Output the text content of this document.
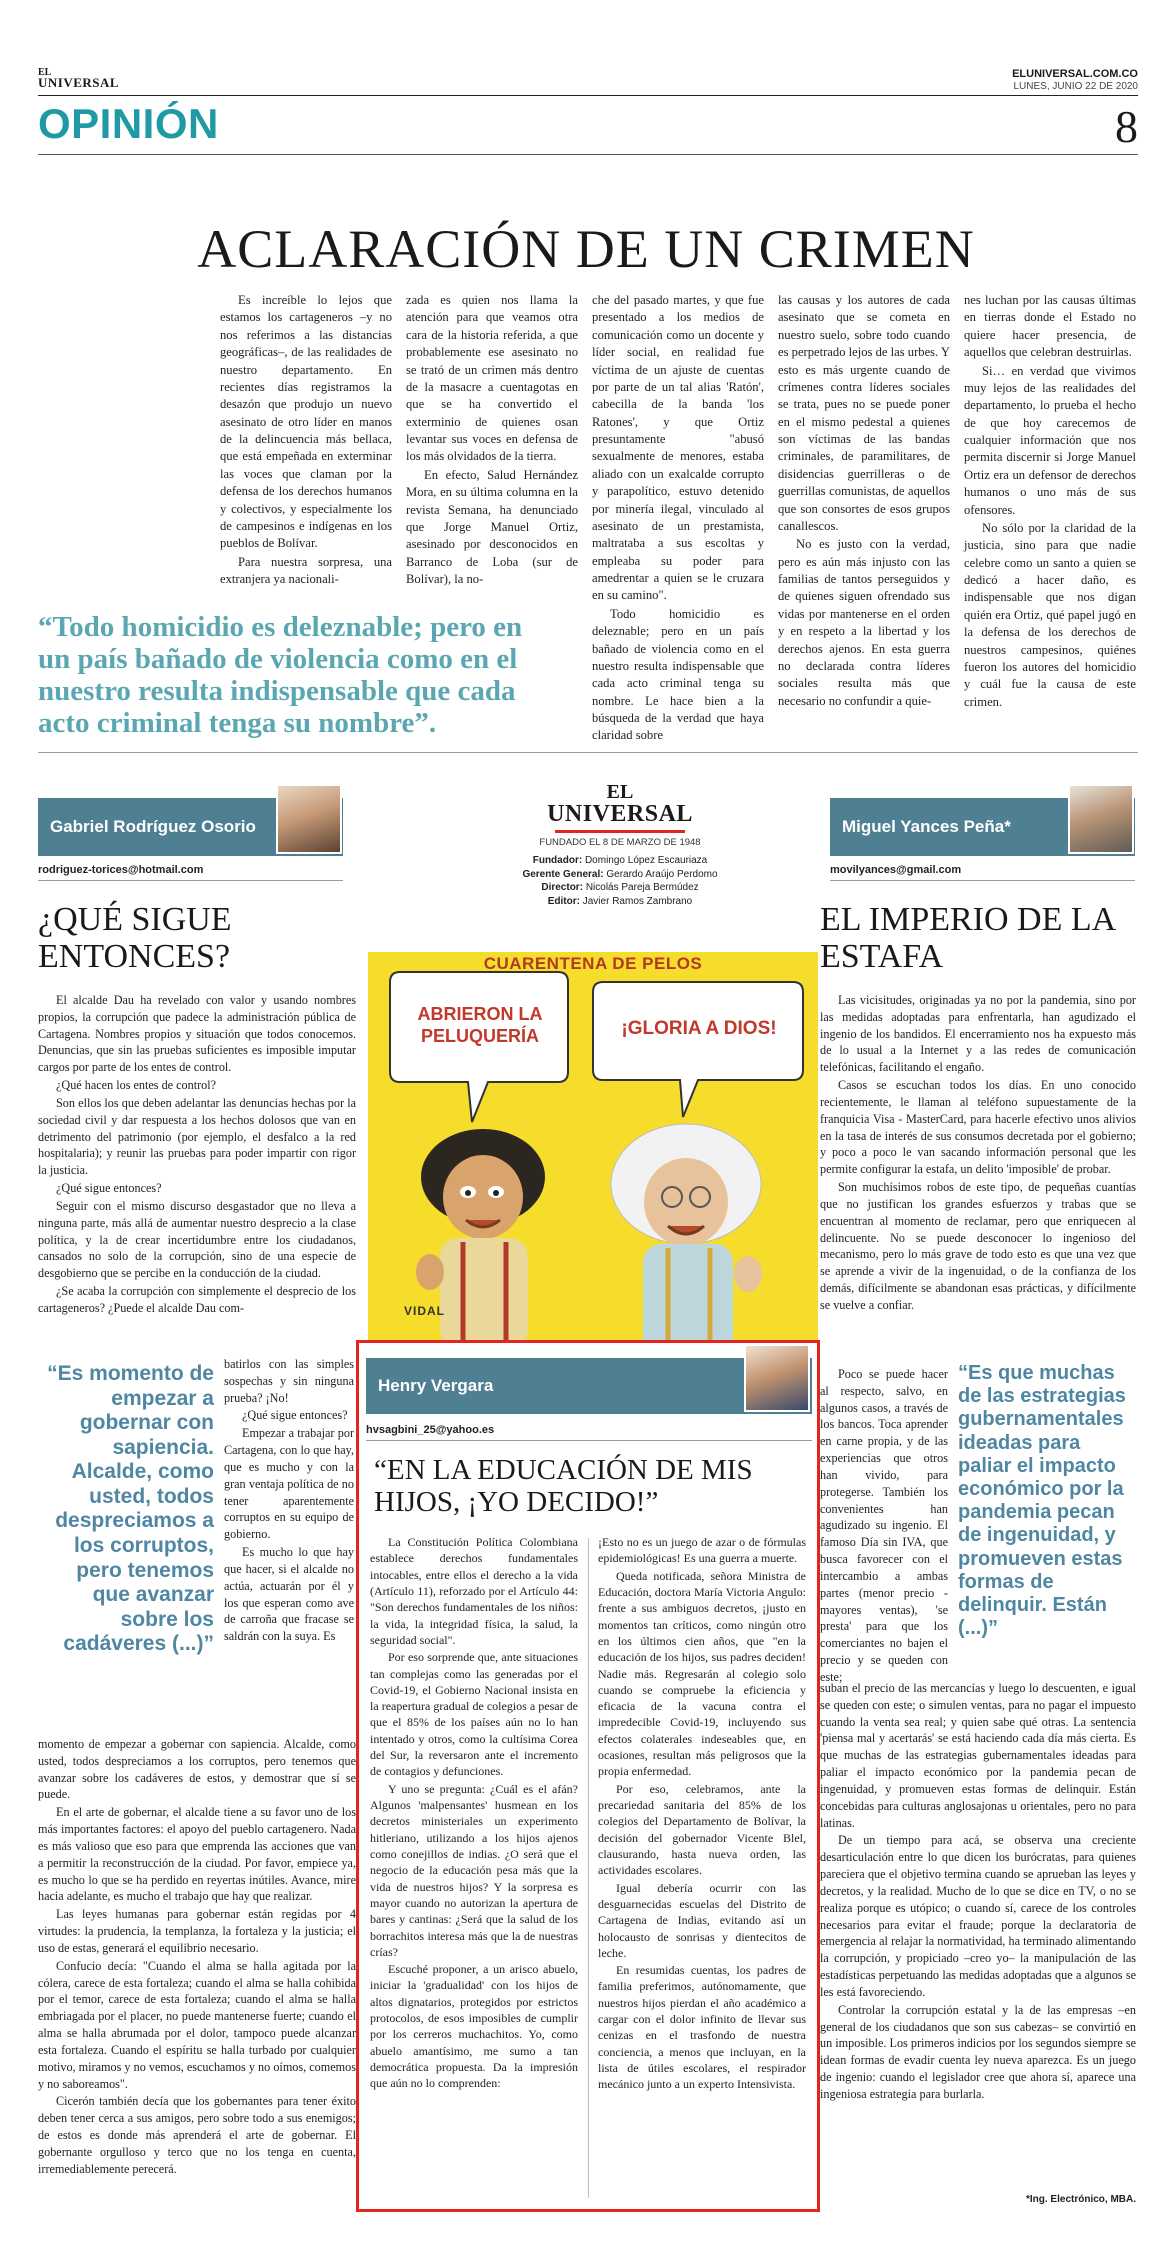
EL
UNIVERSAL
ELUNIVERSAL.COM.CO
LUNES, JUNIO 22 DE 2020
OPINIÓN	8
ACLARACIÓN DE UN CRIMEN

Es increíble lo lejos que estamos los cartageneros –y no nos referimos a las distancias geográficas–, de las realidades de nuestro departamento. En recientes días registramos la desazón que produjo un nuevo asesinato de otro líder en manos de la delincuencia más bellaca, que está empeñada en exterminar las voces que claman por la defensa de los derechos humanos y colectivos, y especialmente los de campesinos e indígenas en los pueblos de Bolívar.

Para nuestra sorpresa, una extranjera ya nacionali-

zada es quien nos llama la atención para que veamos otra cara de la historia referida, a que probablemente ese asesinato no se trató de un crimen más dentro de la masacre a cuentagotas en que se ha convertido el exterminio de quienes osan levantar sus voces en defensa de los más olvidados de la tierra.

En efecto, Salud Hernández Mora, en su última columna en la revista Semana, ha denunciado que Jorge Manuel Ortiz, asesinado por desconocidos en Barranco de Loba (sur de Bolívar), la no-

che del pasado martes, y que fue presentado a los medios de comunicación como un docente y líder social, en realidad fue víctima de un ajuste de cuentas por parte de un tal alias 'Ratón', cabecilla de la banda 'los Ratones', y que Ortiz presuntamente "abusó sexualmente de menores, estaba aliado con un exalcalde corrupto y parapolítico, estuvo detenido por minería ilegal, vinculado al asesinato de un prestamista, maltrataba a sus escoltas y empleaba su poder para amedrentar a quien se le cruzara en su camino".

Todo homicidio es deleznable; pero en un país bañado de violencia como en el nuestro resulta indispensable que cada acto criminal tenga su nombre. Le hace bien a la búsqueda de la verdad que haya claridad sobre

las causas y los autores de cada asesinato que se cometa en nuestro suelo, sobre todo cuando es perpetrado lejos de las urbes. Y esto es más urgente cuando de crímenes contra líderes sociales se trata, pues no se puede poner en el mismo pedestal a quienes son víctimas de las bandas criminales, de paramilitares, de disidencias guerrilleras o de guerrillas comunistas, de aquellos que son consortes de esos grupos canallescos.

No es justo con la verdad, pero es aún más injusto con las familias de tantos perseguidos y de quienes siguen ofrendado sus vidas por mantenerse en el orden y en respeto a la libertad y los derechos ajenos. En esta guerra no declarada contra líderes sociales resulta más que necesario no confundir a quie-

nes luchan por las causas últimas en tierras donde el Estado no quiere hacer presencia, de aquellos que celebran destruirlas.

Si… en verdad que vivimos muy lejos de las realidades del departamento, lo prueba el hecho de que hoy carecemos de cualquier información que nos permita discernir si Jorge Manuel Ortiz era un defensor de derechos humanos o uno más de sus ofensores.

No sólo por la claridad de la justicia, sino para que nadie celebre como un santo a quien se dedicó a hacer daño, es indispensable que nos digan quién era Ortiz, qué papel jugó en la defensa de los derechos de nuestros campesinos, quiénes fueron los autores del homicidio y cuál fue la causa de este crimen.

“Todo homicidio es deleznable; pero en un país bañado de violencia como en el nuestro resulta indispensable que cada acto criminal tenga su nombre”.
Gabriel Rodríguez Osorio
rodriguez-torices@hotmail.com
¿QUÉ SIGUE ENTONCES?

El alcalde Dau ha revelado con valor y usando nombres propios, la corrupción que padece la administración pública de Cartagena. Nombres propios y situación que todos conocemos. Denuncias, que sin las pruebas suficientes es imposible imputar cargos por parte de los entes de control.

¿Qué hacen los entes de control?

Son ellos los que deben adelantar las denuncias hechas por la sociedad civil y dar respuesta a los hechos dolosos que van en detrimento del patrimonio (por ejemplo, el desfalco a la red hospitalaria); y reunir las pruebas para poder impartir con rigor la justicia.

¿Qué sigue entonces?

Seguir con el mismo discurso desgastador que no lleva a ninguna parte, más allá de aumentar nuestro desprecio a la clase política, y la de crear incertidumbre entre los ciudadanos, cansados no solo de la corrupción, sino de una especie de desgobierno que se percibe en la conducción de la ciudad.

¿Se acaba la corrupción con simplemente el desprecio de los cartageneros? ¿Puede el alcalde Dau com-

“Es momento de empezar a gobernar con sapiencia. Alcalde, como usted, todos despreciamos a los corruptos, pero tenemos que avanzar sobre los cadáveres (...)”

batirlos con las simples sospechas y sin ninguna prueba? ¡No!

¿Qué sigue entonces?

Empezar a trabajar por Cartagena, con lo que hay, que es mucho y con la gran ventaja política de no tener aparentemente corruptos en su equipo de gobierno.

Es mucho lo que hay que hacer, si el alcalde no actúa, actuarán por él y los que esperan como ave de carroña que fracase se saldrán con la suya. Es

momento de empezar a gobernar con sapiencia. Alcalde, como usted, todos despreciamos a los corruptos, pero tenemos que avanzar sobre los cadáveres de estos, y demostrar que sí se puede.

En el arte de gobernar, el alcalde tiene a su favor uno de los más importantes factores: el apoyo del pueblo cartagenero. Nada es más valioso que eso para que emprenda las acciones que van a permitir la reconstrucción de la ciudad. Por favor, empiece ya, es mucho lo que se ha perdido en reyertas inútiles. Avance, mire hacia adelante, es mucho el trabajo que hay que realizar.

Las leyes humanas para gobernar están regidas por 4 virtudes: la prudencia, la templanza, la fortaleza y la justicia; el uso de estas, generará el equilibrio necesario.

Confucio decía: "Cuando el alma se halla agitada por la cólera, carece de esta fortaleza; cuando el alma se halla cohibida por el temor, carece de esta fortaleza; cuando el alma se halla embriagada por el placer, no puede mantenerse fuerte; cuando el alma se halla abrumada por el dolor, tampoco puede alcanzar esta fortaleza. Cuando el espíritu se halla turbado por cualquier motivo, miramos y no vemos, escuchamos y no oímos, comemos y no saboreamos".

Cicerón también decía que los gobernantes para tener éxito deben tener cerca a sus amigos, pero sobre todo a sus enemigos; de estos es donde más aprenderá el arte de gobernar. El gobernante orgulloso y terco que no los tenga en cuenta, irremediablemente perecerá.

EL
UNIVERSAL
FUNDADO EL 8 DE MARZO DE 1948
Fundador: Domingo López Escauriaza
Gerente General: Gerardo Araújo Perdomo
Director: Nicolás Pareja Bermúdez
Editor: Javier Ramos Zambrano
CUARENTENA DE PELOS
ABRIERON LA PELUQUERÍA	¡GLORIA A DIOS!
VIDAL
Miguel Yances Peña*
movilyances@gmail.com
EL IMPERIO DE LA ESTAFA

Las vicisitudes, originadas ya no por la pandemia, sino por las medidas adoptadas para enfrentarla, han agudizado el ingenio de los bandidos. El encerramiento nos ha expuesto más de lo usual a la Internet y a las redes de comunicación telefónicas, facilitando el engaño.

Casos se escuchan todos los días. En uno conocido recientemente, le llaman al teléfono supuestamente de la franquicia Visa - MasterCard, para hacerle efectivo unos alivios en la tasa de interés de sus consumos decretada por el gobierno; y poco a poco le van sacando información personal que les permite configurar la estafa, un delito 'imposible' de probar.

Son muchísimos robos de este tipo, de pequeñas cuantías que no justifican los grandes esfuerzos y trabas que se encuentran al momento de reclamar, pero que enriquecen al delincuente. No se puede desconocer lo ingenioso del mecanismo, pero lo más grave de todo esto es que una vez que se aprende a vivir de la ingenuidad, o de la confianza de los demás, difícilmente se abandonan esas prácticas, y difícilmente se vuelve a confiar.

Poco se puede hacer al respecto, salvo, en algunos casos, a través de los bancos. Toca aprender en carne propia, y de las experiencias que otros han vivido, para protegerse. También los convenientes han agudizado su ingenio. El famoso Día sin IVA, que busca favorecer con el intercambio a ambas partes (menor precio - mayores ventas), 'se presta' para que los comerciantes no bajen el precio y se queden con este;

“Es que muchas de las estrategias gubernamentales ideadas para paliar el impacto económico por la pandemia pecan de ingenuidad, y promueven estas formas de delinquir. Están (...)”

suban el precio de las mercancías y luego lo descuenten, e igual se queden con este; o simulen ventas, para no pagar el impuesto cuando la venta sea real; y quien sabe qué otras. La sentencia 'piensa mal y acertarás' se está haciendo cada día más cierta. Es que muchas de las estrategias gubernamentales ideadas para paliar el impacto económico por la pandemia pecan de ingenuidad, y promueven estas formas de delinquir. Están concebidas para culturas anglosajonas u orientales, pero no para latinas.

De un tiempo para acá, se observa una creciente desarticulación entre lo que dicen los burócratas, para quienes pareciera que el objetivo termina cuando se aprueban las leyes y decretos, y la realidad. Mucho de lo que se dice en TV, o no se realiza porque es utópico; o cuando sí, carece de los controles necesarios para evitar el fraude; porque la declaratoria de emergencia al relajar la normatividad, ha terminado alimentando la corrupción, y propiciado –creo yo– la manipulación de las estadísticas perpetuando las medidas adoptadas que a algunos se les está favoreciendo.

Controlar la corrupción estatal y la de las empresas –en general de los ciudadanos que son sus cabezas– se convirtió en un imposible. Los primeros indicios por los segundos siempre se idean formas de evadir cuenta ley nueva aparezca. Es un juego de ingenio: cuando el legislador cree que ahora sí, aparece una ingeniosa estrategia para burlarla.

*Ing. Electrónico, MBA.
Henry Vergara
hvsagbini_25@yahoo.es
“EN LA EDUCACIÓN DE MIS HIJOS, ¡YO DECIDO!”

La Constitución Política Colombiana establece derechos fundamentales intocables, entre ellos el derecho a la vida (Artículo 11), reforzado por el Artículo 44: "Son derechos fundamentales de los niños: la vida, la integridad física, la salud, la seguridad social".

Por eso sorprende que, ante situaciones tan complejas como las generadas por el Covid-19, el Gobierno Nacional insista en la reapertura gradual de colegios a pesar de que el 85% de los países aún no lo han intentado y otros, como la cultísima Corea del Sur, la reversaron ante el incremento de contagios y defunciones.

Y uno se pregunta: ¿Cuál es el afán? Algunos 'malpensantes' husmean en los decretos ministeriales un experimento hitleriano, utilizando a los hijos ajenos como conejillos de indias. ¿O será que el negocio de la educación pesa más que la vida de nuestros hijos? Y la sorpresa es mayor cuando no autorizan la apertura de bares y cantinas: ¿Será que la salud de los borrachitos interesa más que la de nuestras crías?

Escuché proponer, a un arisco abuelo, iniciar la 'gradualidad' con los hijos de altos dignatarios, protegidos por estrictos protocolos, de esos imposibles de cumplir por los cerreros muchachitos. Yo, como abuelo amantísimo, me sumo a tan democrática propuesta. Da la impresión que aún no lo comprenden:

¡Esto no es un juego de azar o de fórmulas epidemiológicas! Es una guerra a muerte.

Queda notificada, señora Ministra de Educación, doctora María Victoria Angulo: frente a sus ambiguos decretos, ¡justo en momentos tan críticos, como ningún otro en los últimos cien años, que "en la educación de los hijos, sus padres deciden! Nadie más. Regresarán al colegio solo cuando se compruebe la eficiencia y eficacia de la vacuna contra el impredecible Covid-19, incluyendo sus efectos colaterales indeseables que, en ocasiones, resultan más peligrosos que la propia enfermedad.

Por eso, celebramos, ante la precariedad sanitaria del 85% de los colegios del Departamento de Bolívar, la decisión del gobernador Vicente Blel, clausurando, hasta nueva orden, las actividades escolares.

Igual debería ocurrir con las desguarnecidas escuelas del Distrito de Cartagena de Indias, evitando así un holocausto de sonrisas y dientecitos de leche.

En resumidas cuentas, los padres de familia preferimos, autónomamente, que nuestros hijos pierdan el año académico a cargar con el dolor infinito de llevar sus cenizas en el trasfondo de nuestra conciencia, a menos que incluyan, en la lista de útiles escolares, el respirador mecánico junto a un experto Intensivista.
